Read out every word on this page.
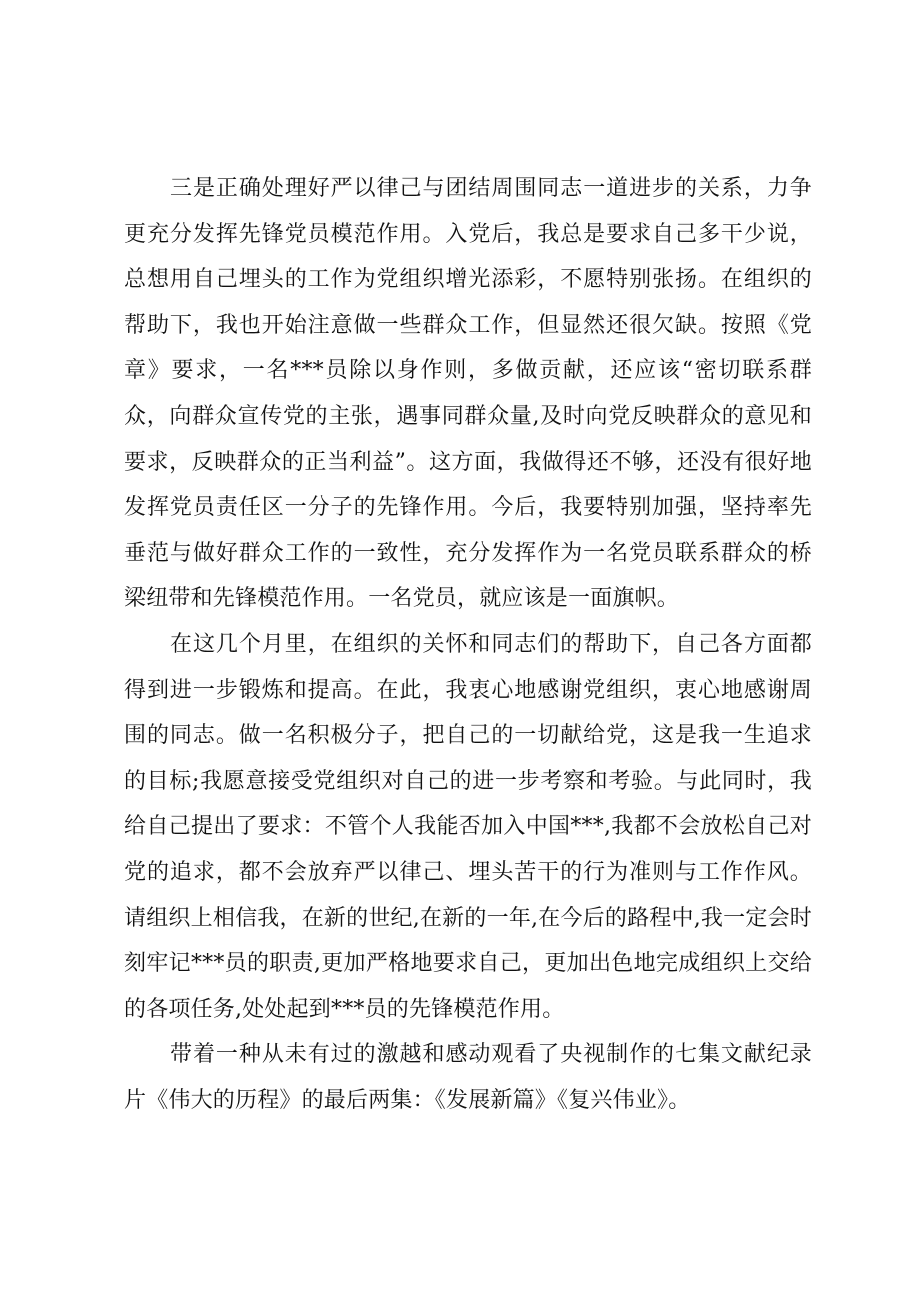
三是正确处理好严以律己与团结周围同志一道进步的关系，力争更充分发挥先锋党员模范作用。入党后，我总是要求自己多干少说，总想用自己埋头的工作为党组织增光添彩，不愿特别张扬。在组织的帮助下，我也开始注意做一些群众工作，但显然还很欠缺。按照《党章》要求，一名***员除以身作则，多做贡献，还应该“密切联系群众，向群众宣传党的主张，遇事同群众量,及时向党反映群众的意见和要求，反映群众的正当利益”。这方面，我做得还不够，还没有很好地发挥党员责任区一分子的先锋作用。今后，我要特别加强，坚持率先垂范与做好群众工作的一致性，充分发挥作为一名党员联系群众的桥梁纽带和先锋模范作用。一名党员，就应该是一面旗帜。

在这几个月里，在组织的关怀和同志们的帮助下，自己各方面都得到进一步锻炼和提高。在此，我衷心地感谢党组织，衷心地感谢周围的同志。做一名积极分子，把自己的一切献给党，这是我一生追求的目标;我愿意接受党组织对自己的进一步考察和考验。与此同时，我给自己提出了要求：不管个人我能否加入中国***,我都不会放松自己对党的追求，都不会放弃严以律己、埋头苦干的行为准则与工作作风。请组织上相信我，在新的世纪,在新的一年,在今后的路程中,我一定会时刻牢记***员的职责,更加严格地要求自己，更加出色地完成组织上交给的各项任务,处处起到***员的先锋模范作用。

带着一种从未有过的激越和感动观看了央视制作的七集文献纪录片《伟大的历程》的最后两集：《发展新篇》《复兴伟业》。
